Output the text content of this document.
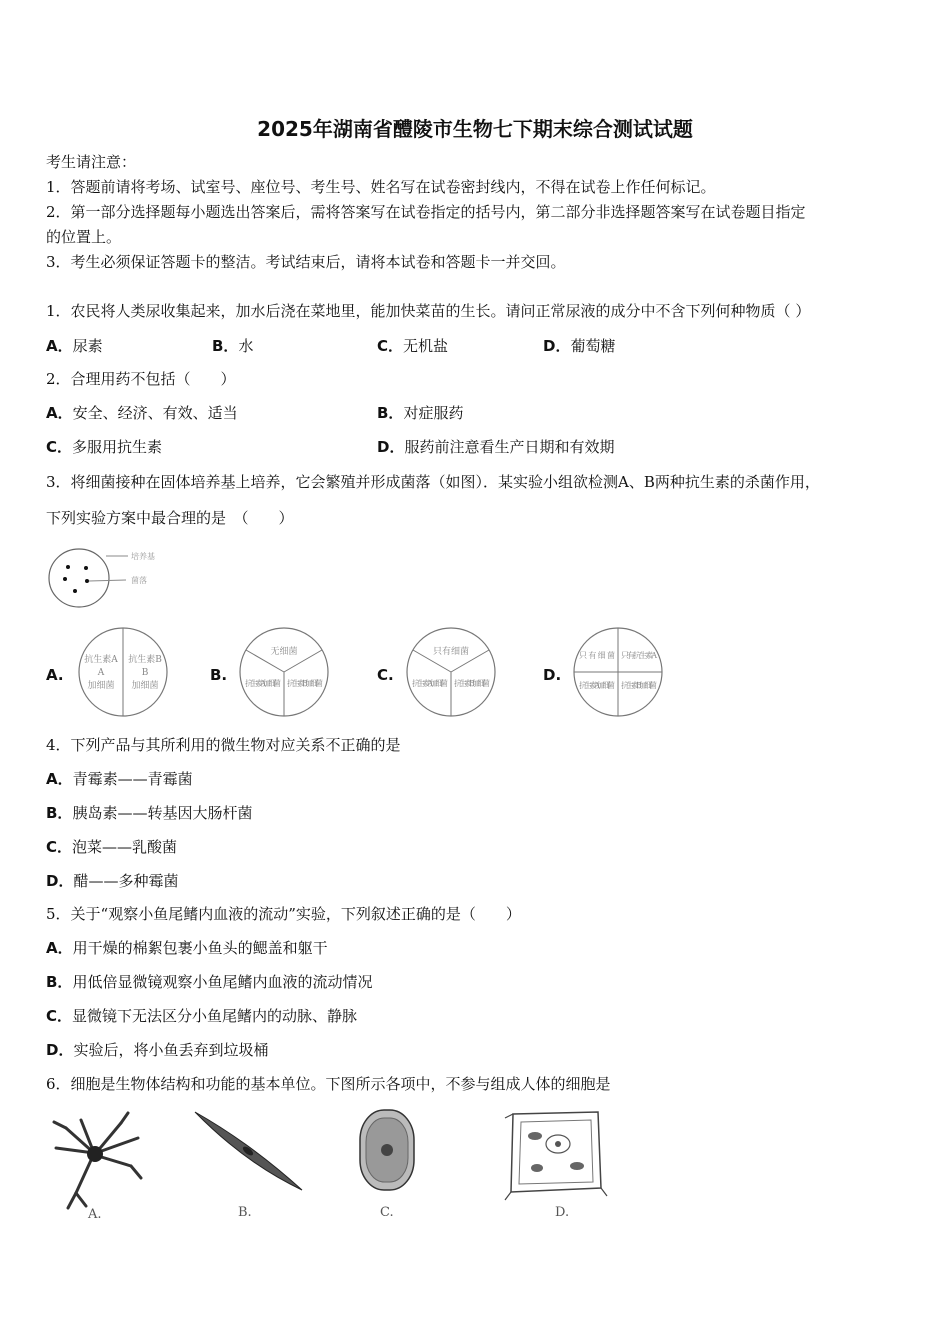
2025年湖南省醴陵市生物七下期末综合测试试题
考生请注意：
1．答题前请将考场、试室号、座位号、考生号、姓名写在试卷密封线内，不得在试卷上作任何标记。
2．第一部分选择题每小题选出答案后，需将答案写在试卷指定的括号内，第二部分非选择题答案写在试卷题目指定
的位置上。
3．考生必须保证答题卡的整洁。考试结束后，请将本试卷和答题卡一并交回。
1．农民将人类尿收集起来，加水后浇在菜地里，能加快菜苗的生长。请问正常尿液的成分中不含下列何种物质（ ）
A．尿素	B．水	C．无机盐	D．葡萄糖
2．合理用药不包括（　　）
A．安全、经济、有效、适当	B．对症服药
C．多服用抗生素	D．服药前注意看生产日期和有效期
3．将细菌接种在固体培养基上培养，它会繁殖并形成菌落（如图）．某实验小组欲检测A、B两种抗生素的杀菌作用，
下列实验方案中最合理的是　（　　）
培养基
菌落
A.
抗生素A
A
加细菌
抗生素B
B
加细菌
B.
无细菌
抗生素A加细菌 抗生素B加细菌	C.
只有细菌
抗生素A加细菌 抗生素B加细菌	D.
只有细菌 只有抗生素A
抗生素A加细菌 抗生素B加细菌
4．下列产品与其所利用的微生物对应关系不正确的是
A．青霉素——青霉菌
B．胰岛素——转基因大肠杆菌
C．泡菜——乳酸菌
D．醋——多种霉菌
5．关于“观察小鱼尾鳍内血液的流动”实验，下列叙述正确的是（　　）
A．用干燥的棉絮包裹小鱼头的鳃盖和躯干
B．用低倍显微镜观察小鱼尾鳍内血液的流动情况
C．显微镜下无法区分小鱼尾鳍内的动脉、静脉
D．实验后，将小鱼丢弃到垃圾桶
6．细胞是生物体结构和功能的基本单位。下图所示各项中，不参与组成人体的细胞是
A.	B.	C.	D.
